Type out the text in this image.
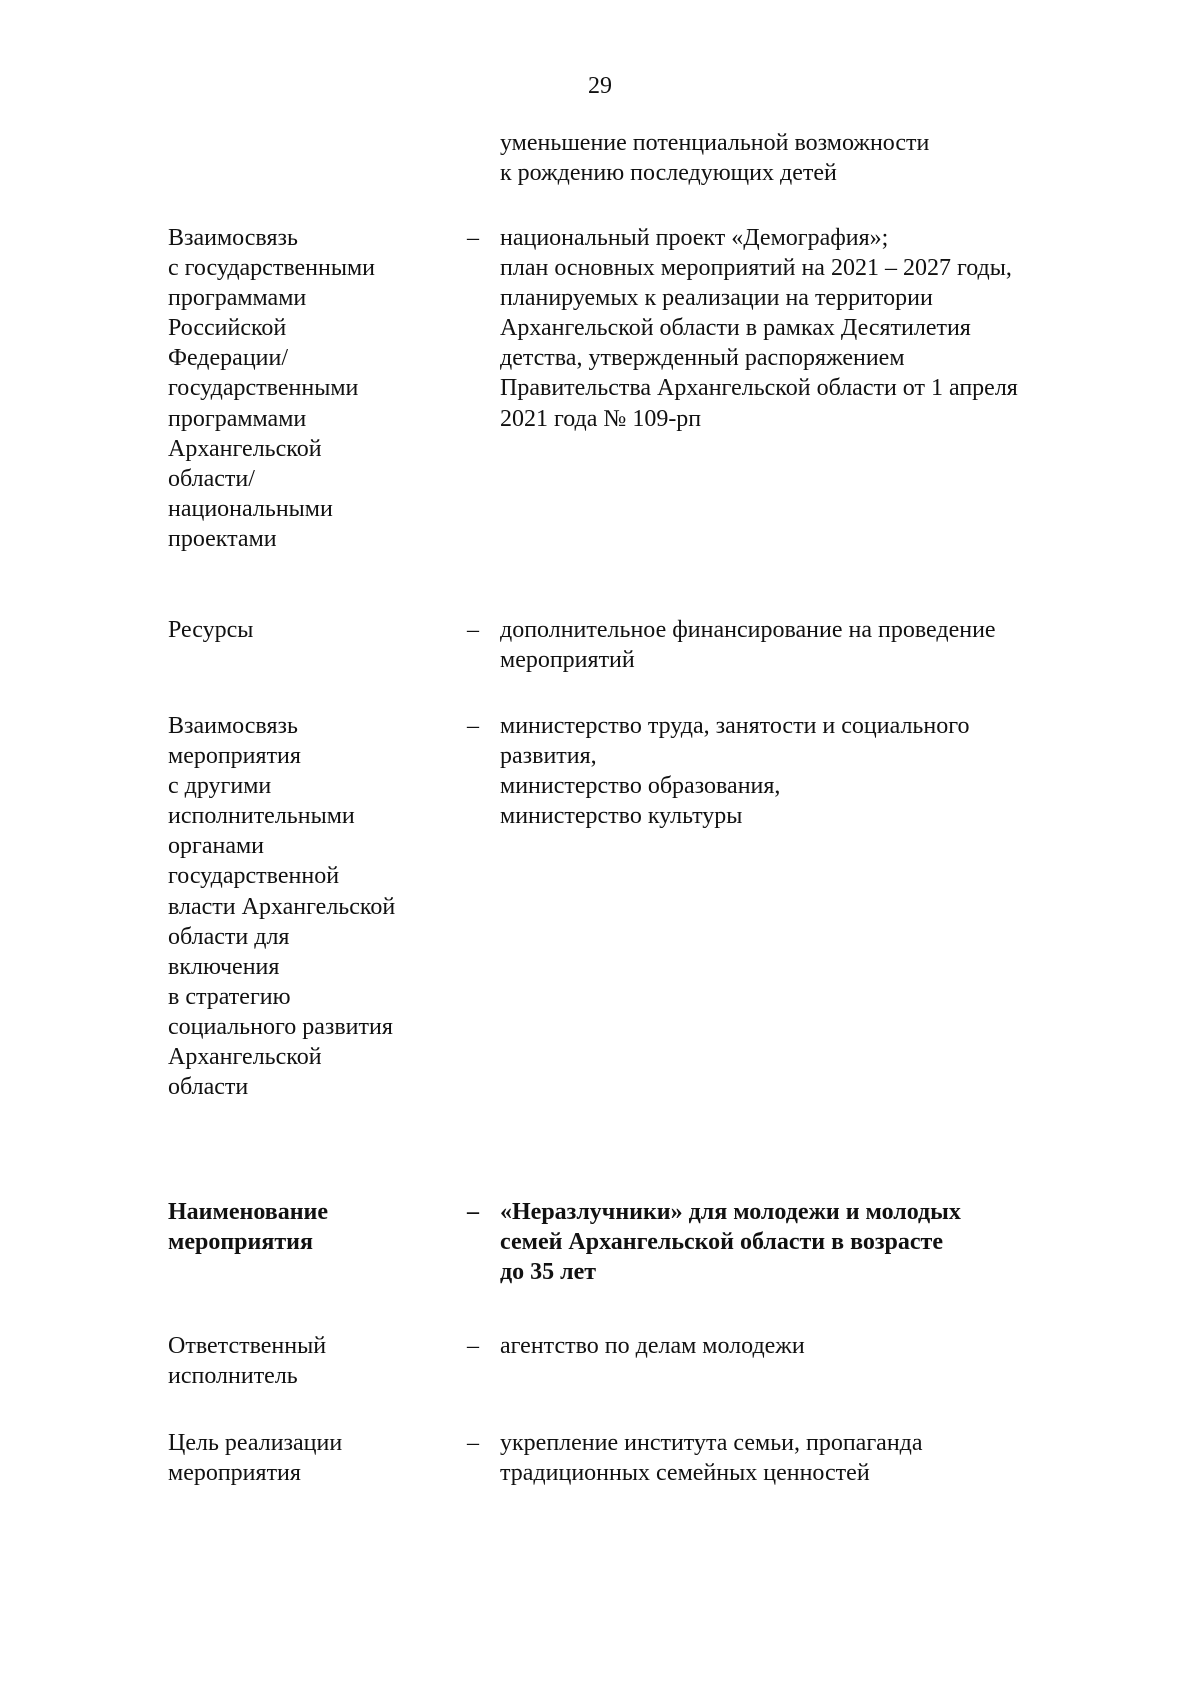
29
уменьшение потенциальной возможности
к рождению последующих детей
Взаимосвязь
с государственными
программами
Российской
Федерации/
государственными
программами
Архангельской
области/
национальными
проектами
– национальный проект «Демография»;
план основных мероприятий на 2021 – 2027 годы,
планируемых к реализации на территории
Архангельской области в рамках Десятилетия
детства, утвержденный распоряжением
Правительства Архангельской области от 1 апреля
2021 года № 109-рп
Ресурсы	– дополнительное финансирование на проведение
мероприятий
Взаимосвязь
мероприятия
с другими
исполнительными
органами
государственной
власти Архангельской
области для
включения
в стратегию
социального развития
Архангельской
области
– министерство труда, занятости и социального
развития,
министерство образования,
министерство культуры
Наименование
мероприятия
– «Неразлучники» для молодежи и молодых
семей Архангельской области в возрасте
до 35 лет
Ответственный
исполнитель
– агентство по делам молодежи
Цель реализации
мероприятия
– укрепление института семьи, пропаганда
традиционных семейных ценностей
